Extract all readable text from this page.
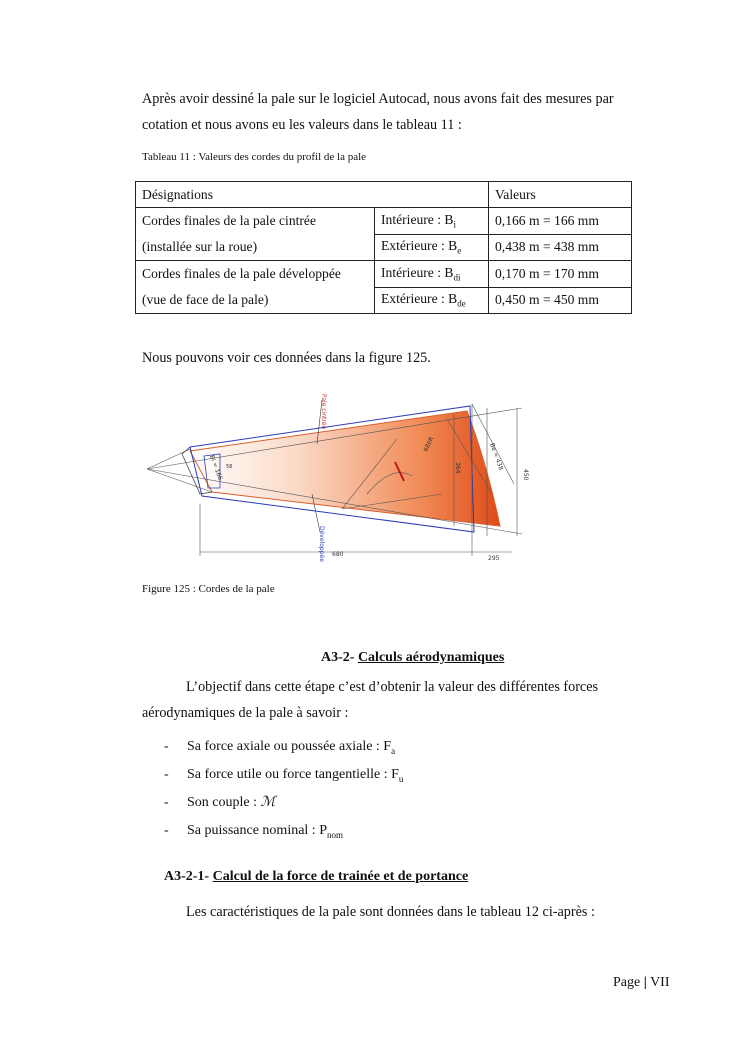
Après avoir dessiné la pale sur le logiciel Autocad, nous avons fait des mesures par cotation et nous avons eu les valeurs dans le tableau 11 :
Tableau 11 : Valeurs des cordes du profil de la pale
Désignations		Valeurs

Cordes finales de la pale cintrée
(installée sur la roue)	Intérieure : $B_i$	0,166 m = 166 mm
	Extérieure : $B_e$	0,438 m = 438 mm

Cordes finales de la pale développée
(vue de face de la pale)	Intérieure : $B_{di}$	0,170 m = 170 mm
	Extérieure : $B_{de}$	0,450 m = 450 mm
Nous pouvons voir ces données dans la figure 125.
Pale cintrée
Développée
Be = 438
Bi = 166
680
295
450
364
680R
58
Figure 125 : Cordes de la pale
A3-2- Calculs aérodynamiques
L’objectif dans cette étape c’est d’obtenir la valeur des différentes forces aérodynamiques de la pale à savoir :
- Sa force axiale ou poussée axiale : $F_a$
- Sa force utile ou force tangentielle : $F_u$
- Son couple : ℳ
- Sa puissance nominal : $P_{nom}$
A3-2-1- Calcul de la force de trainée et de portance
Les caractéristiques de la pale sont données dans le tableau 12 ci-après :
Page | VII
